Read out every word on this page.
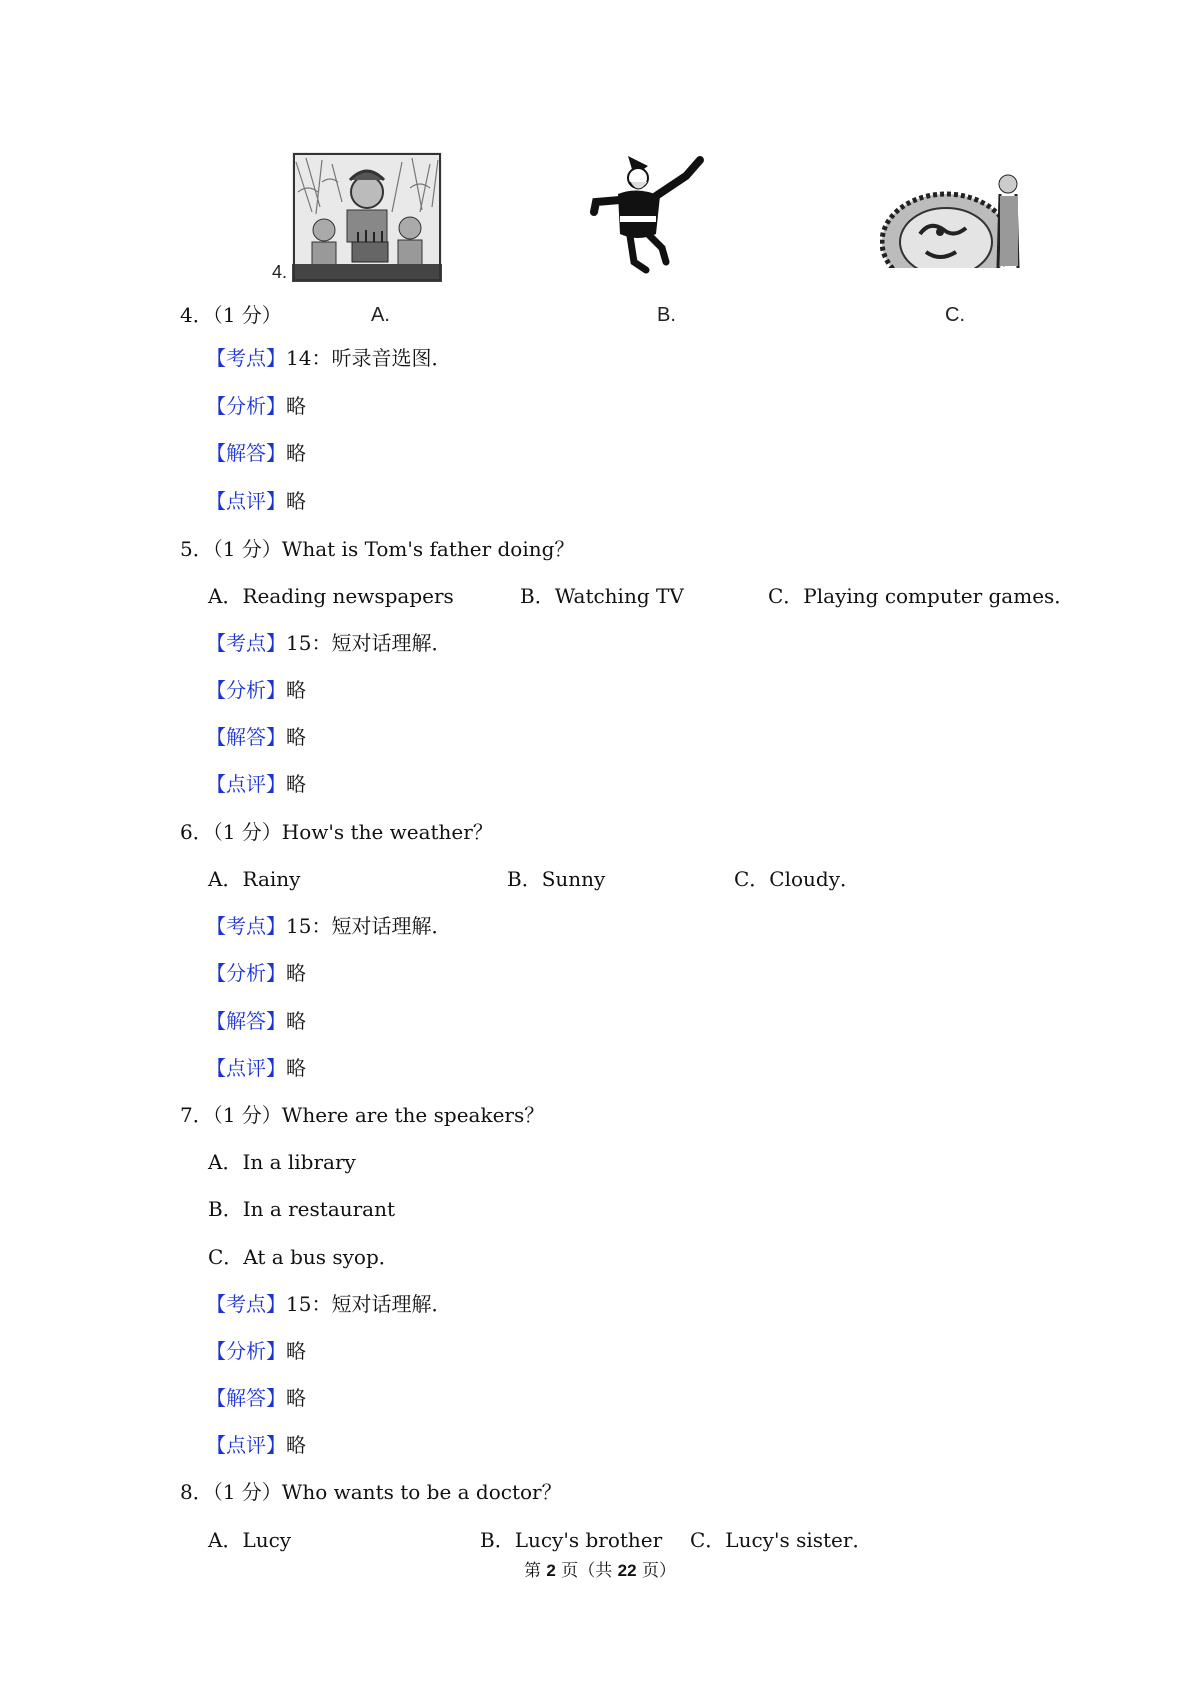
4.
4．（1 分）	A.	B.	C.
【考点】14：听录音选图．
【分析】略
【解答】略
【点评】略
5．（1 分）What is Tom's father doing？
A．Reading newspapers	B．Watching TV	C．Playing computer games．
【考点】15：短对话理解．
【分析】略
【解答】略
【点评】略
6．（1 分）How's the weather？
A．Rainy	B．Sunny	C．Cloudy．
【考点】15：短对话理解．
【分析】略
【解答】略
【点评】略
7．（1 分）Where are the speakers？
A．In a library
B．In a restaurant
C．At a bus syop．
【考点】15：短对话理解．
【分析】略
【解答】略
【点评】略
8．（1 分）Who wants to be a doctor？
A．Lucy	B．Lucy's brother C．Lucy's sister．
第 2 页（共 22 页）
